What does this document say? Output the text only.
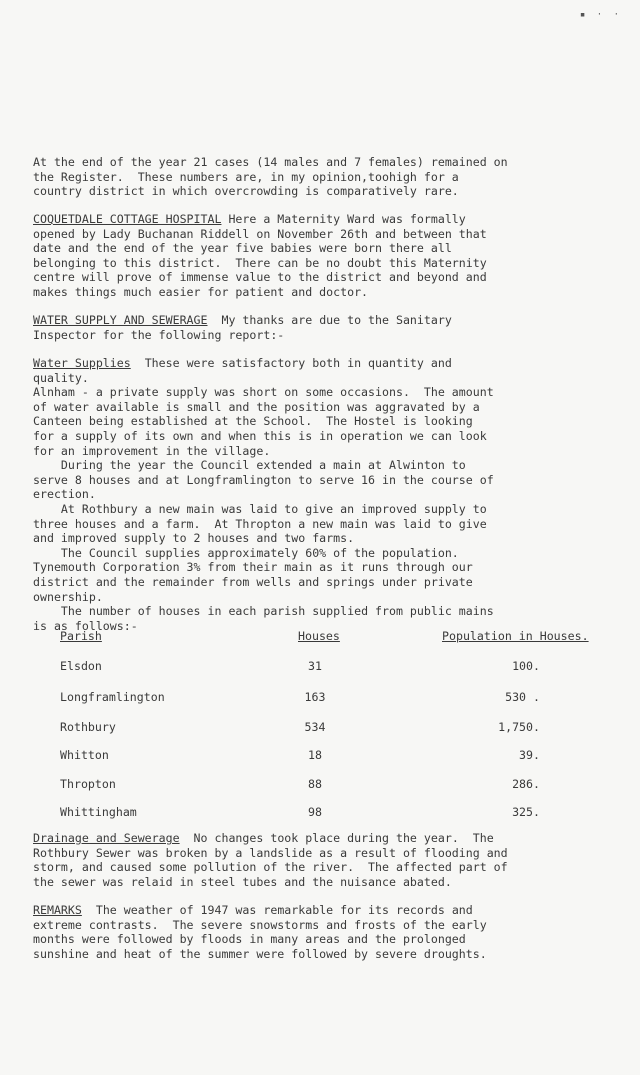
▪ · ·
At the end of the year 21 cases (14 males and 7 females) remained on
the Register.  These numbers are, in my opinion,toohigh for a
country district in which overcrowding is comparatively rare.
COQUETDALE COTTAGE HOSPITAL Here a Maternity Ward was formally
opened by Lady Buchanan Riddell on November 26th and between that
date and the end of the year five babies were born there all
belonging to this district.  There can be no doubt this Maternity
centre will prove of immense value to the district and beyond and
makes things much easier for patient and doctor.
WATER SUPPLY AND SEWERAGE  My thanks are due to the Sanitary
Inspector for the following report:-
Water Supplies  These were satisfactory both in quantity and
quality.
Alnham - a private supply was short on some occasions.  The amount
of water available is small and the position was aggravated by a
Canteen being established at the School.  The Hostel is looking
for a supply of its own and when this is in operation we can look
for an improvement in the village.
During the year the Council extended a main at Alwinton to
serve 8 houses and at Longframlington to serve 16 in the course of
erection.
At Rothbury a new main was laid to give an improved supply to
three houses and a farm.  At Thropton a new main was laid to give
and improved supply to 2 houses and two farms.
The Council supplies approximately 60% of the population.
Tynemouth Corporation 3% from their main as it runs through our
district and the remainder from wells and springs under private
ownership.
The number of houses in each parish supplied from public mains
is as follows:-
Parish	Houses	Population in Houses.
Elsdon	31	100.
Longframlington	163	530 .
Rothbury	534	1,750.
Whitton	18	39.
Thropton	88	286.
Whittingham	98	325.
Drainage and Sewerage  No changes took place during the year.  The
Rothbury Sewer was broken by a landslide as a result of flooding and
storm, and caused some pollution of the river.  The affected part of
the sewer was relaid in steel tubes and the nuisance abated.
REMARKS  The weather of 1947 was remarkable for its records and
extreme contrasts.  The severe snowstorms and frosts of the early
months were followed by floods in many areas and the prolonged
sunshine and heat of the summer were followed by severe droughts.
